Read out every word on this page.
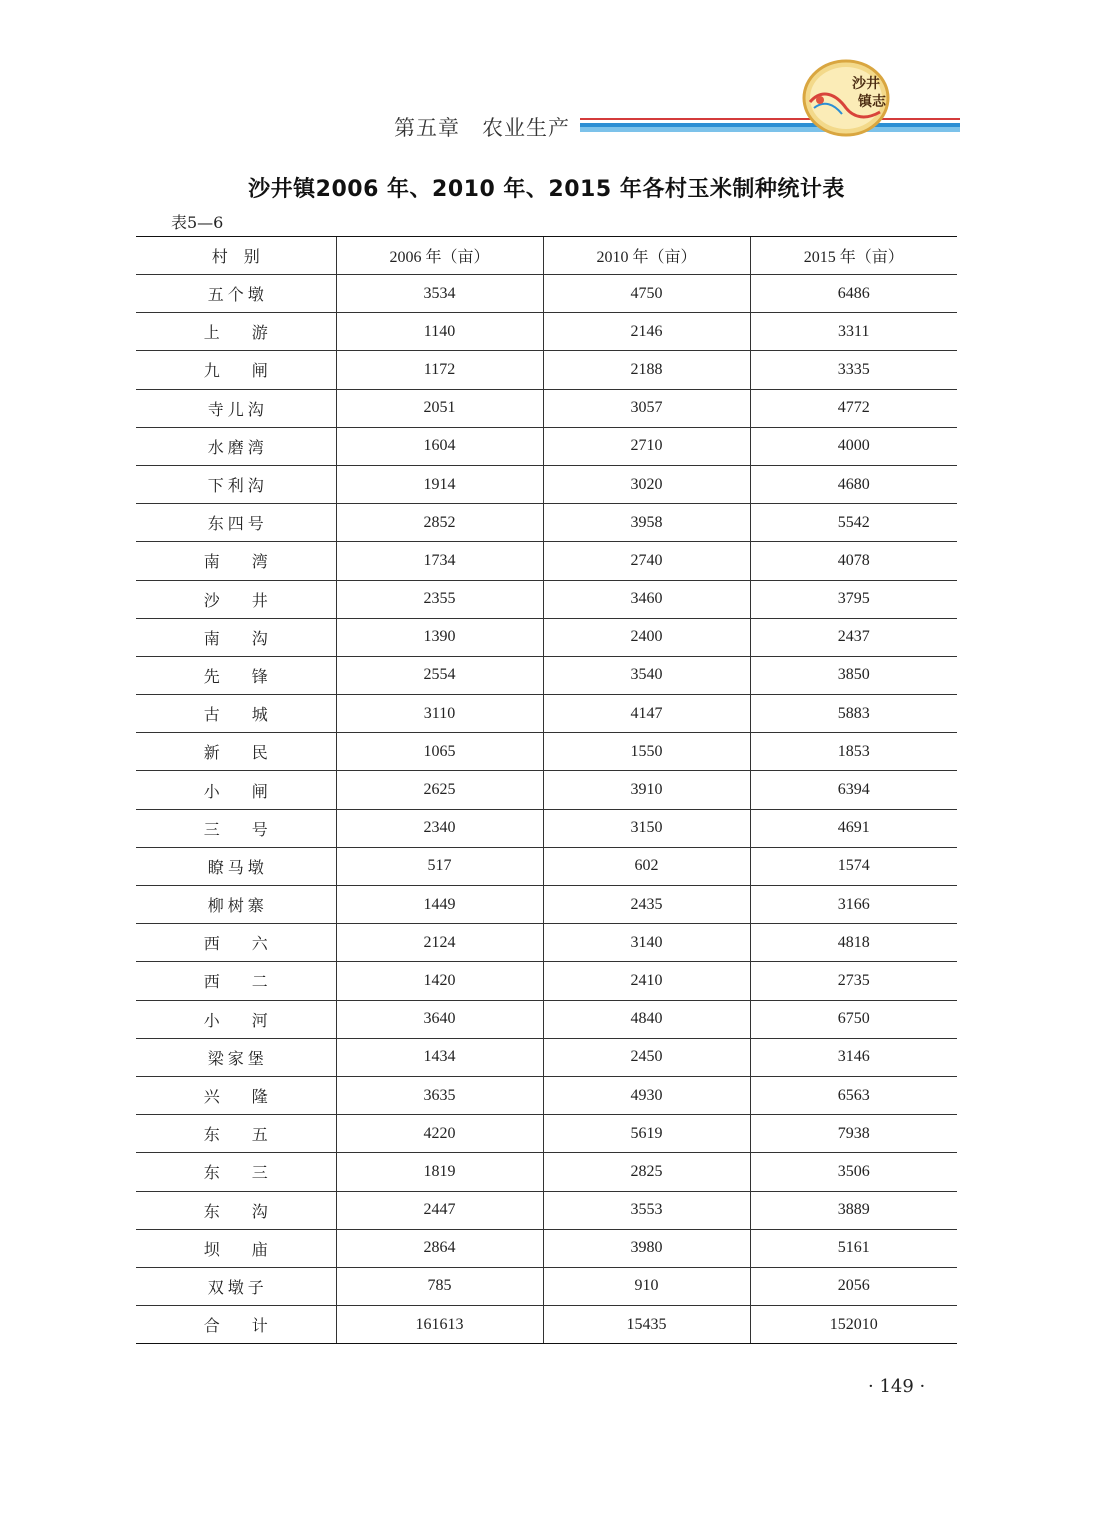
第五章　农业生产
沙井
镇志
沙井镇2006 年、2010 年、2015 年各村玉米制种统计表
表5—6
村　别	2006 年（亩）	2010 年（亩）	2015 年（亩）
五 个 墩	3534	4750	6486
上　　游	1140	2146	3311
九　　闸	1172	2188	3335
寺 儿 沟	2051	3057	4772
水 磨 湾	1604	2710	4000
下 利 沟	1914	3020	4680
东 四 号	2852	3958	5542
南　　湾	1734	2740	4078
沙　　井	2355	3460	3795
南　　沟	1390	2400	2437
先　　锋	2554	3540	3850
古　　城	3110	4147	5883
新　　民	1065	1550	1853
小　　闸	2625	3910	6394
三　　号	2340	3150	4691
瞭 马 墩	517	602	1574
柳 树 寨	1449	2435	3166
西　　六	2124	3140	4818
西　　二	1420	2410	2735
小　　河	3640	4840	6750
梁 家 堡	1434	2450	3146
兴　　隆	3635	4930	6563
东　　五	4220	5619	7938
东　　三	1819	2825	3506
东　　沟	2447	3553	3889
坝　　庙	2864	3980	5161
双 墩 子	785	910	2056
合　　计	161613	15435	152010
· 149 ·
